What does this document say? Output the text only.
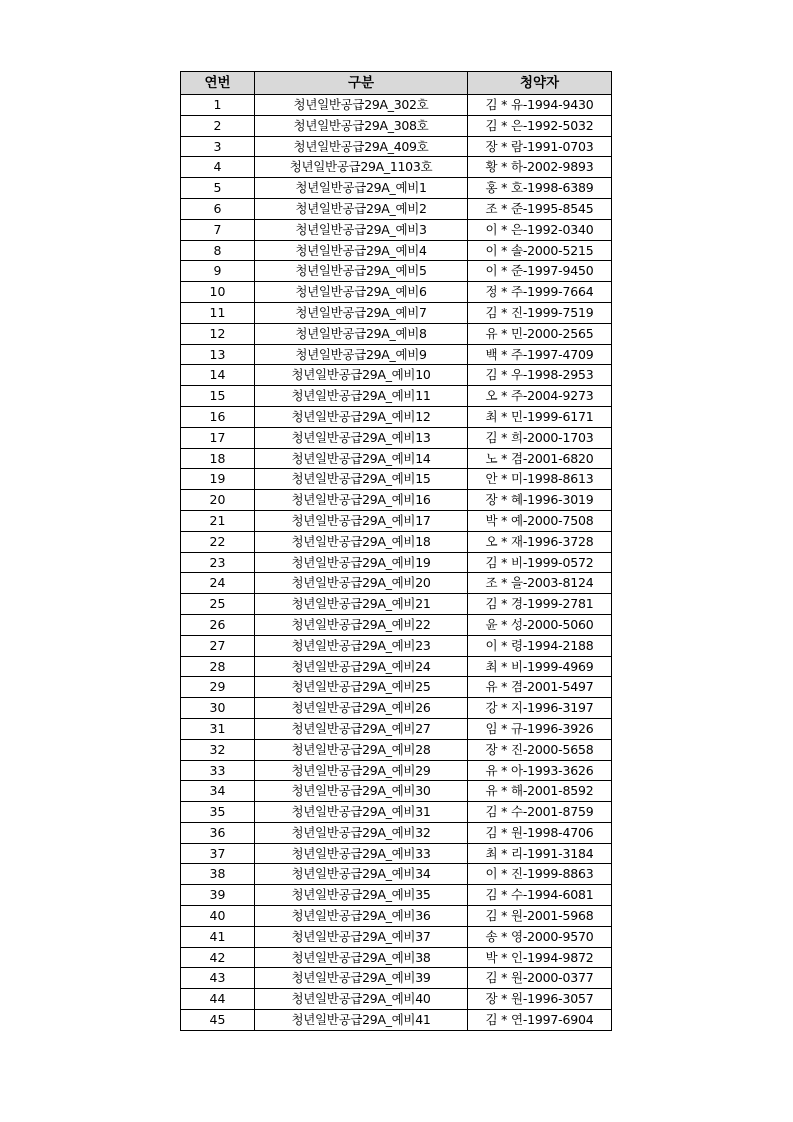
연번	구분	청약자
1	청년일반공급29A_302호	김 * 유-1994-9430
2	청년일반공급29A_308호	김 * 은-1992-5032
3	청년일반공급29A_409호	장 * 람-1991-0703
4	청년일반공급29A_1103호	황 * 하-2002-9893
5	청년일반공급29A_예비1	홍 * 호-1998-6389
6	청년일반공급29A_예비2	조 * 준-1995-8545
7	청년일반공급29A_예비3	이 * 은-1992-0340
8	청년일반공급29A_예비4	이 * 솔-2000-5215
9	청년일반공급29A_예비5	이 * 준-1997-9450
10	청년일반공급29A_예비6	정 * 주-1999-7664
11	청년일반공급29A_예비7	김 * 진-1999-7519
12	청년일반공급29A_예비8	유 * 민-2000-2565
13	청년일반공급29A_예비9	백 * 주-1997-4709
14	청년일반공급29A_예비10	김 * 우-1998-2953
15	청년일반공급29A_예비11	오 * 주-2004-9273
16	청년일반공급29A_예비12	최 * 민-1999-6171
17	청년일반공급29A_예비13	김 * 희-2000-1703
18	청년일반공급29A_예비14	노 * 겸-2001-6820
19	청년일반공급29A_예비15	안 * 미-1998-8613
20	청년일반공급29A_예비16	장 * 혜-1996-3019
21	청년일반공급29A_예비17	박 * 예-2000-7508
22	청년일반공급29A_예비18	오 * 재-1996-3728
23	청년일반공급29A_예비19	김 * 비-1999-0572
24	청년일반공급29A_예비20	조 * 을-2003-8124
25	청년일반공급29A_예비21	김 * 경-1999-2781
26	청년일반공급29A_예비22	윤 * 성-2000-5060
27	청년일반공급29A_예비23	이 * 령-1994-2188
28	청년일반공급29A_예비24	최 * 비-1999-4969
29	청년일반공급29A_예비25	유 * 겸-2001-5497
30	청년일반공급29A_예비26	강 * 지-1996-3197
31	청년일반공급29A_예비27	임 * 규-1996-3926
32	청년일반공급29A_예비28	장 * 진-2000-5658
33	청년일반공급29A_예비29	유 * 아-1993-3626
34	청년일반공급29A_예비30	유 * 해-2001-8592
35	청년일반공급29A_예비31	김 * 수-2001-8759
36	청년일반공급29A_예비32	김 * 원-1998-4706
37	청년일반공급29A_예비33	최 * 리-1991-3184
38	청년일반공급29A_예비34	이 * 진-1999-8863
39	청년일반공급29A_예비35	김 * 수-1994-6081
40	청년일반공급29A_예비36	김 * 원-2001-5968
41	청년일반공급29A_예비37	송 * 영-2000-9570
42	청년일반공급29A_예비38	박 * 인-1994-9872
43	청년일반공급29A_예비39	김 * 원-2000-0377
44	청년일반공급29A_예비40	장 * 원-1996-3057
45	청년일반공급29A_예비41	김 * 연-1997-6904
